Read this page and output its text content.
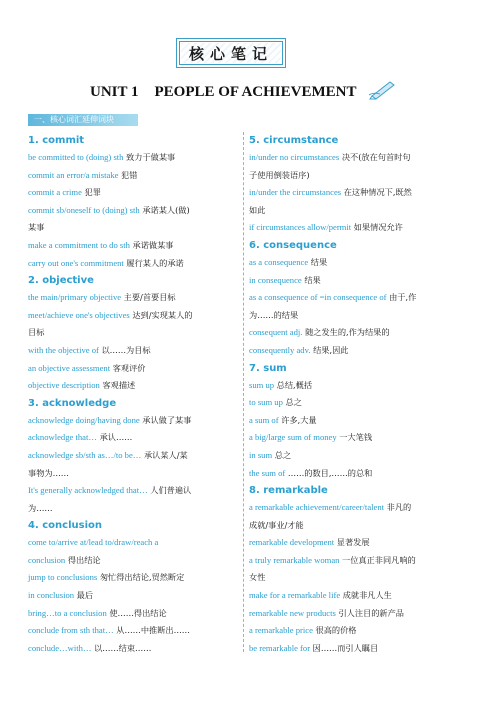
核心笔记
UNIT 1 PEOPLE OF ACHIEVEMENT
一、核心词汇延伸词块
1. commit
be committed to (doing) sth 致力于做某事
commit an error/a mistake 犯错
commit a crime 犯罪
commit sb/oneself to (doing) sth 承诺某人(做)
某事
make a commitment to do sth 承诺做某事
carry out one's commitment 履行某人的承诺
2. objective
the main/primary objective 主要/首要目标
meet/achieve one's objectives 达到/实现某人的
目标
with the objective of 以……为目标
an objective assessment 客观评价
objective description 客观描述
3. acknowledge
acknowledge doing/having done 承认做了某事
acknowledge that… 承认……
acknowledge sb/sth as…/to be… 承认某人/某
事物为……
It's generally acknowledged that… 人们普遍认
为……
4. conclusion
come to/arrive at/lead to/draw/reach a
conclusion 得出结论
jump to conclusions 匆忙得出结论,贸然断定
in conclusion 最后
bring…to a conclusion 使……得出结论
conclude from sth that… 从……中推断出……
conclude…with… 以……结束……
5. circumstance
in/under no circumstances 决不(放在句首时句
子使用倒装语序)
in/under the circumstances 在这种情况下,既然
如此
if circumstances allow/permit 如果情况允许
6. consequence
as a consequence 结果
in consequence 结果
as a consequence of =in consequence of 由于,作
为……的结果
consequent adj. 随之发生的,作为结果的
consequently adv. 结果,因此
7. sum
sum up 总结,概括
to sum up 总之
a sum of 许多,大量
a big/large sum of money 一大笔钱
in sum 总之
the sum of ……的数目,……的总和
8. remarkable
a remarkable achievement/career/talent 非凡的
成就/事业/才能
remarkable development 显著发展
a truly remarkable woman 一位真正非同凡响的
女性
make for a remarkable life 成就非凡人生
remarkable new products 引人注目的新产品
a remarkable price 很高的价格
be remarkable for 因……而引人瞩目
